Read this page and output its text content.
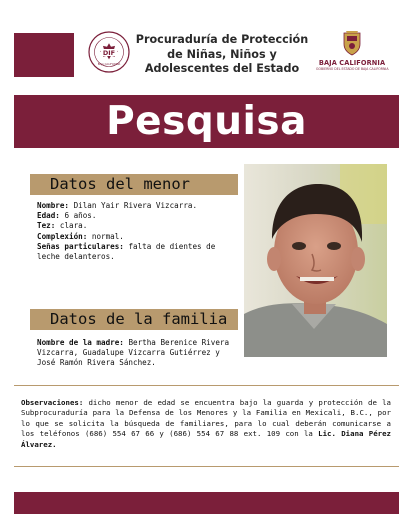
DIF
BAJA CALIFORNIA
Procuraduría de Protección
de Niñas, Niños y
Adolescentes del Estado	BAJA CALIFORNIA
GOBIERNO DEL ESTADO DE BAJA CALIFORNIA
Pesquisa
Datos del menor
Nombre: Dilan Yair Rivera Vizcarra.
Edad: 6 años.
Tez: clara.
Complexión: normal.
Señas particulares: falta de dientes de leche delanteros.
Datos de la familia
Nombre de la madre: Bertha Berenice Rivera Vizcarra, Guadalupe Vizcarra Gutiérrez y José Ramón Rivera Sánchez.
Observaciones: dicho menor de edad se encuentra bajo la guarda y protección de la Subprocuraduría para la Defensa de los Menores y la Familia en Mexicali, B.C., por lo que se solicita la búsqueda de familiares, para lo cual deberán comunicarse a los teléfonos (686) 554 67 66 y (686) 554 67 88 ext. 109 con la Lic. Diana Pérez Álvarez.
